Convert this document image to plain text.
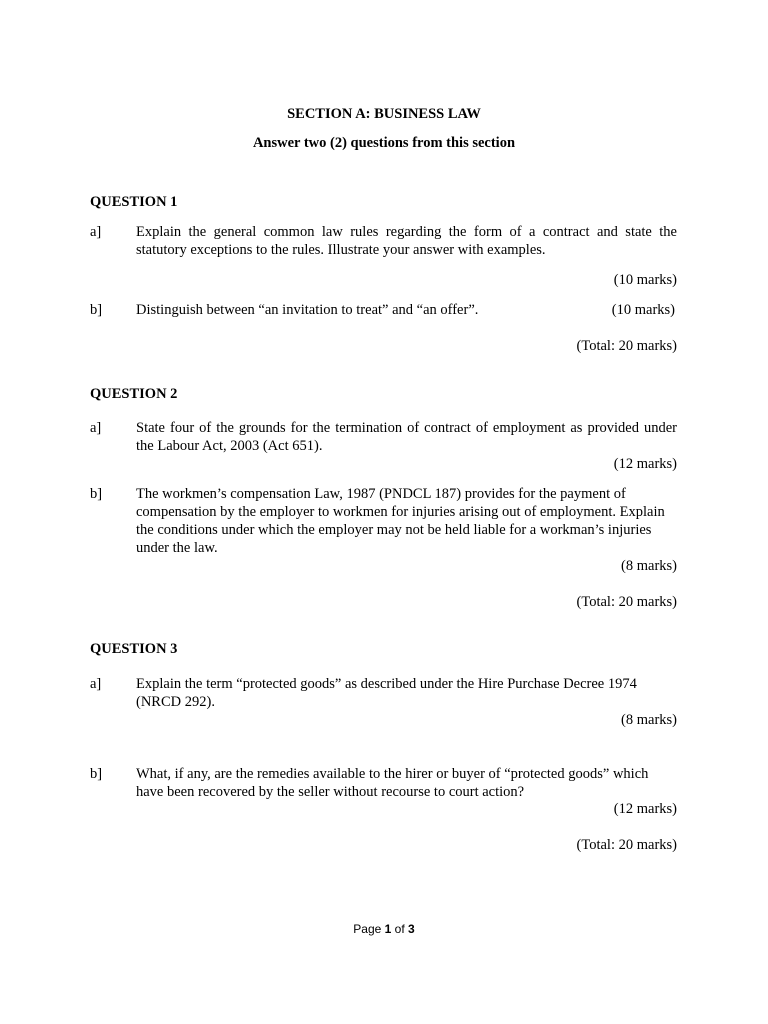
SECTION A: BUSINESS LAW
Answer two (2) questions from this section
QUESTION 1
a] Explain the general common law rules regarding the form of a contract and state the statutory exceptions to the rules. Illustrate your answer with examples.
(10 marks)
b] Distinguish between “an invitation to treat” and “an offer”.	(10 marks)
(Total: 20 marks)
QUESTION 2
a] State four of the grounds for the termination of contract of employment as provided under the Labour Act, 2003 (Act 651).
(12 marks)
b] The workmen’s compensation Law, 1987 (PNDCL 187) provides for the payment of compensation by the employer to workmen for injuries arising out of employment. Explain the conditions under which the employer may not be held liable for a workman’s injuries under the law.
(8 marks)
(Total: 20 marks)
QUESTION 3
a] Explain the term “protected goods” as described under the Hire Purchase Decree 1974 (NRCD 292).
(8 marks)
b] What, if any, are the remedies available to the hirer or buyer of “protected goods” which have been recovered by the seller without recourse to court action?
(12 marks)
(Total: 20 marks)
Page 1 of 3
